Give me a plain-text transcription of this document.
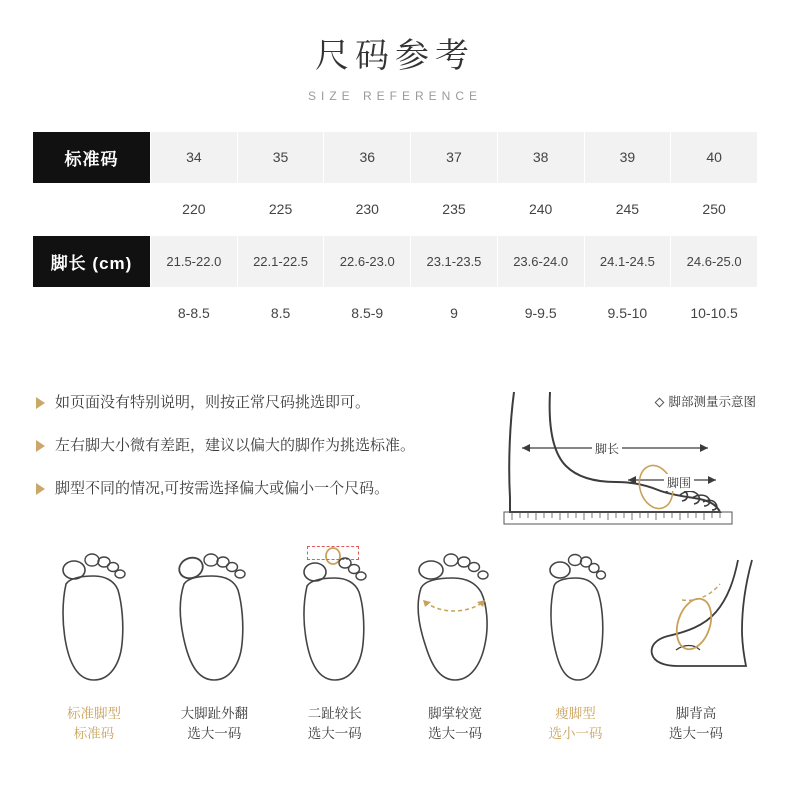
尺码参考
SIZE REFERENCE
标准码	34	35	36	37	38	39	40
国际码	220	225	230	235	240	245	250
脚长 (cm)	21.5-22.0	22.1-22.5	22.6-23.0	23.1-23.5	23.6-24.0	24.1-24.5	24.6-25.0
脚宽 (cm)	8-8.5	8.5	8.5-9	9	9-9.5	9.5-10	10-10.5
如页面没有特别说明，则按正常尺码挑选即可。
左右脚大小微有差距，建议以偏大的脚作为挑选标准。
脚型不同的情况,可按需选择偏大或偏小一个尺码。
脚部测量示意图
脚长
脚围
标准脚型
标准码
大脚趾外翻
选大一码
二趾较长
选大一码
脚掌较宽
选大一码
瘦脚型
选小一码
脚背高
选大一码
